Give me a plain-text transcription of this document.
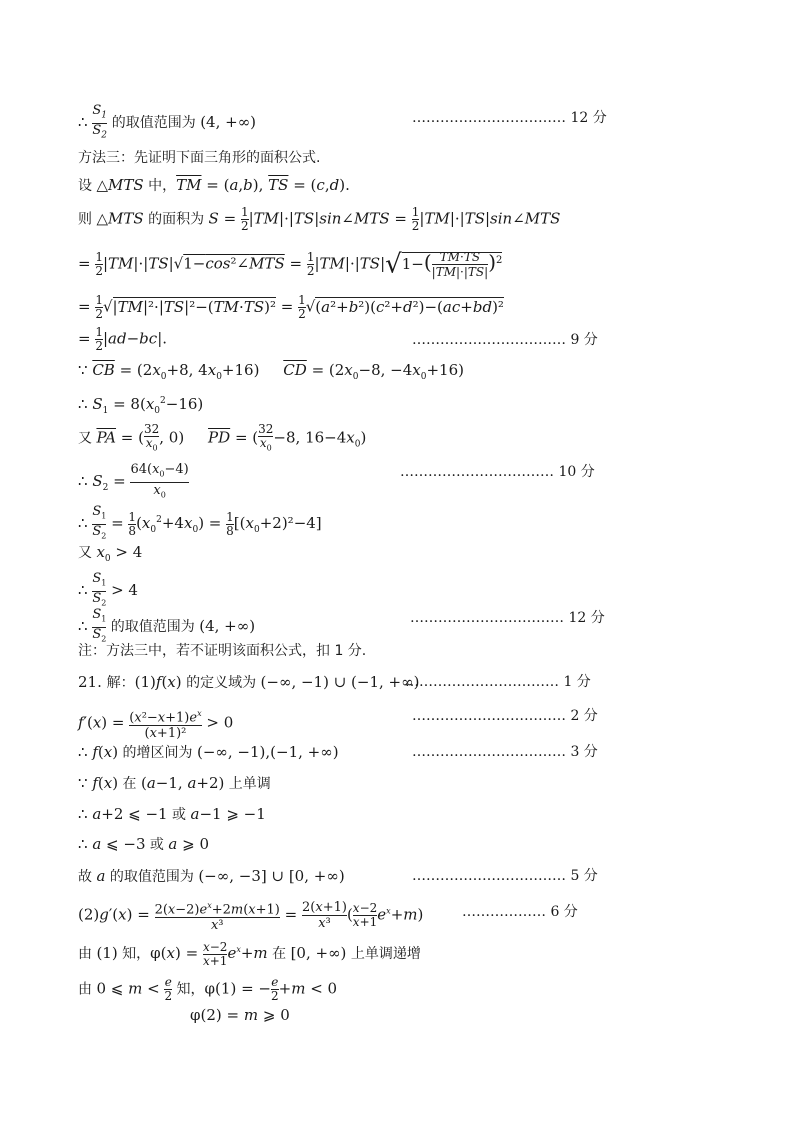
∴ $\frac{S_1}{S_2}$ 的取值范围为 (4, +∞)	…………………………… 12 分
方法三：先证明下面三角形的面积公式.
设 △MTS 中，$\overline{TM} = (a,b)$, $\overline{TS} = (c,d)$.
则 △MTS 的面积为 $S = \frac{1}{2}$ |TM|·|TS|sin∠MTS = $\frac{1}{2}$ |TM|·|TS|sin∠MTS
= $\frac{1}{2}$ |TM|·|TS|√1−cos²∠MTS = $\frac{1}{2} |TM|\cdot|TS|√1-( \frac{TM\cdot TS}{|TM|\cdot|TS|} )^2$
= $\frac{1}{2} √|TM|^2\cdot|TS|^2-(TM\cdot TS)^2 = \frac{1}{2} √(a^2+b^2)(c^2+d^2)-(ac+bd)^2$
= $\frac{1}{2} |ad-bc|$.	…………………………… 9 分
∵ $\overline{CB} = (2x_0+8$, $4x_0+16$)     $\overline{CD} = (2x_0-8$, $-4x_0+16$)
∴ $S_1 = 8(x_0^2-16)$
又 $\overline{PA}$ = ( $\frac{32}{x_0}$ , 0)     $\overline{PD}$ = ( $\frac{32}{x_0} -8$, $16-4x_0$)
∴ $S_2 = \frac{64(x_0-4)}{x_0}$	…………………………… 10 分
∴ $\frac{S_1}{S_2} = \frac{1}{8} (x_0^2+4x_0) = \frac{1}{8} [(x_0+2)^2-4]$
又 $x_0 > 4$
∴ $\frac{S_1}{S_2} > 4$
∴ $\frac{S_1}{S_2}$ 的取值范围为 (4, +∞)	…………………………… 12 分
注：方法三中，若不证明该面积公式，扣 1 分.
21. 解：(1)f(x) 的定义域为 (−∞, −1) ∪ (−1, +∞)
…………………………… 1 分
$f'(x) = \frac{(x^2-x+1)e^x}{\text{(x+1)²}} > 0$	…………………………… 2 分
∴ f(x) 的增区间为 (−∞, −1),(−1, +∞)	…………………………… 3 分
∵ f(x) 在 (a−1, a+2) 上单调
∴ a+2 ⩽ −1 或 a−1 ⩾ −1
∴ a ⩽ −3 或 a ⩾ 0
故 a 的取值范围为 (−∞, −3] ∪ [0, +∞)	…………………………… 5 分
$(2)g'(x) = \frac{2(x-2)e^x+2m(x+1)}{\text{x³}} = \frac{2(x+1)}{\text{x³}}$ ( $\frac{x-2}{x+1} e^x+m$)	……………… 6 分
由 (1) 知，$\varphi(x) = \frac{x-2}{x+1} e^x+m$ 在 [0, +∞) 上单调递增
由 0 ⩽ $m < \frac{e}{2}$ 知，φ(1) = − $\frac{e}{2} +m < 0$
φ(2) = m ⩾ 0
